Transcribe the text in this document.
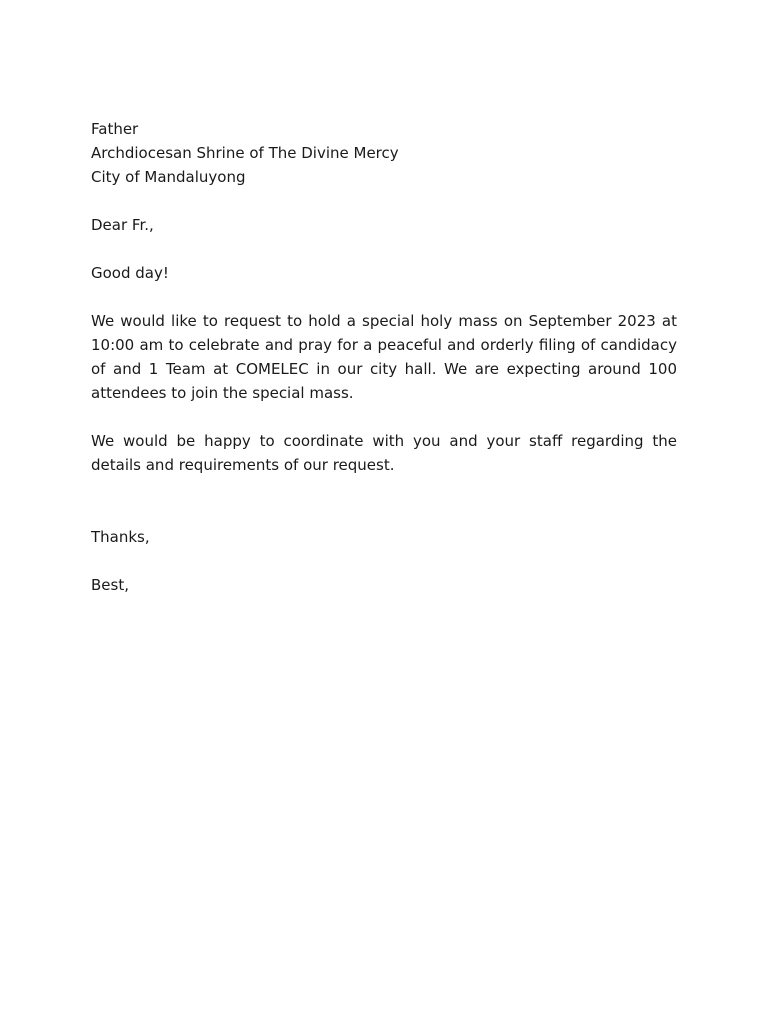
Father
Archdiocesan Shrine of The Divine Mercy
City of Mandaluyong

Dear Fr.,

Good day!

We would like to request to hold a special holy mass on September 2023 at 10:00 am to celebrate and pray for a peaceful and orderly filing of candidacy of and 1 Team at COMELEC in our city hall. We are expecting around 100 attendees to join the special mass.

We would be happy to coordinate with you and your staff regarding the details and requirements of our request.

Thanks,

Best,
